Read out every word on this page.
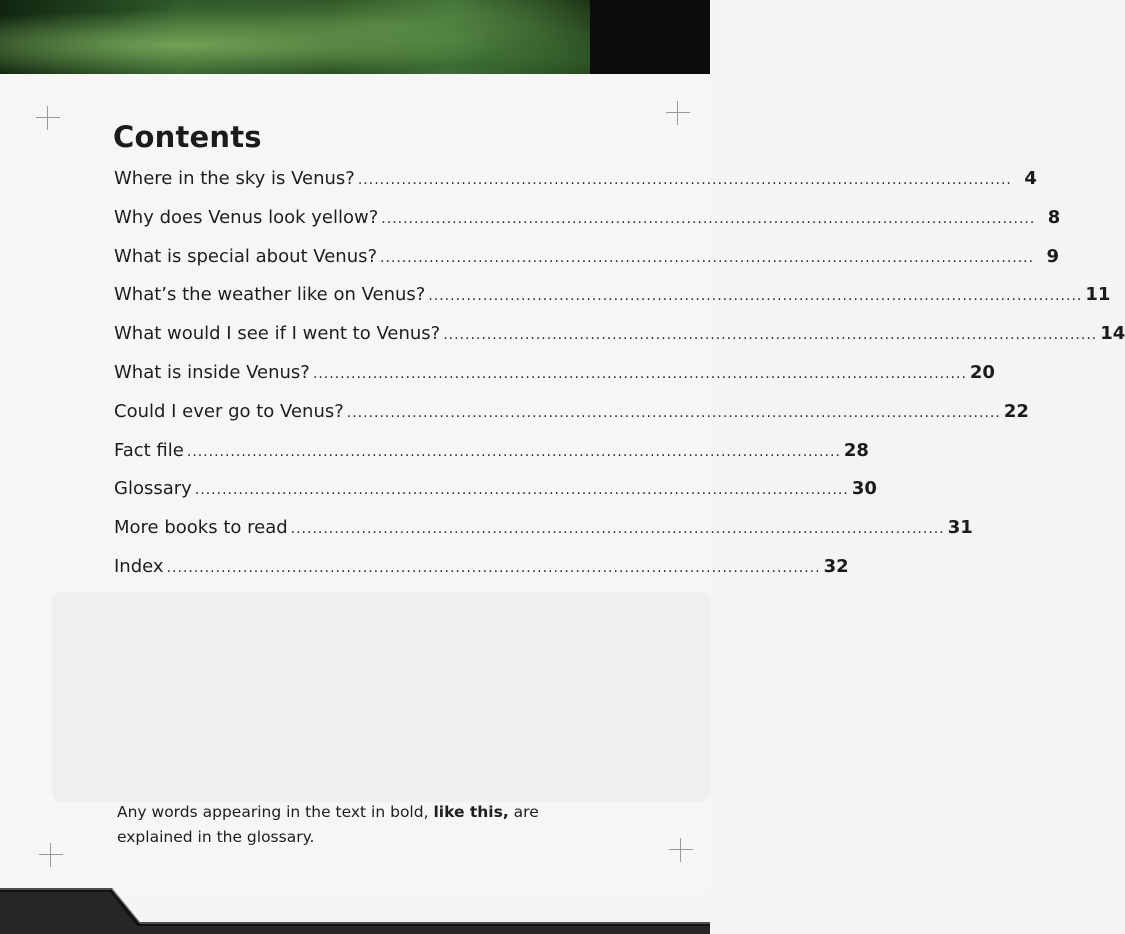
Contents
Where in the sky is Venus? ........................................................................................................................ 4
Why does Venus look yellow? ........................................................................................................................ 8
What is special about Venus? ........................................................................................................................ 9
What’s the weather like on Venus? ........................................................................................................................ 11
What would I see if I went to Venus? ........................................................................................................................ 14
What is inside Venus? ........................................................................................................................ 20
Could I ever go to Venus? ........................................................................................................................ 22
Fact file ........................................................................................................................ 28
Glossary ........................................................................................................................ 30
More books to read ........................................................................................................................ 31
Index ........................................................................................................................ 32
Any words appearing in the text in bold, like this, are explained in the glossary.
